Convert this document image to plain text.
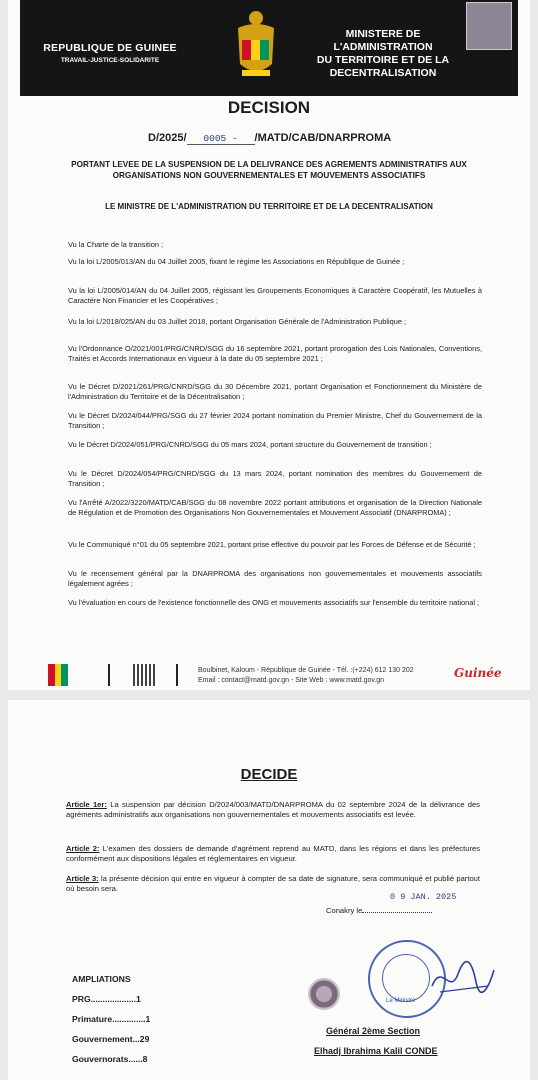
REPUBLIQUE DE GUINEE
TRAVAIL-JUSTICE-SOLIDARITE
MINISTERE DE L'ADMINISTRATION
DU TERRITOIRE ET DE LA
DECENTRALISATION
DECISION
D/2025/ 0005 - /MATD/CAB/DNARPROMA
PORTANT LEVEE DE LA SUSPENSION DE LA DELIVRANCE DES AGREMENTS ADMINISTRATIFS AUX ORGANISATIONS NON GOUVERNEMENTALES ET MOUVEMENTS ASSOCIATIFS
LE MINISTRE DE L'ADMINISTRATION DU TERRITOIRE ET DE LA DECENTRALISATION
Vu la Charte de la transition ;
Vu la loi L/2005/013/AN du 04 Juillet 2005, fixant le régime les Associations en République de Guinée ;
Vu la loi L/2005/014/AN du 04 Juillet 2005, régissant les Groupements Economiques à Caractère Coopératif, les Mutuelles à Caractère Non Financier et les Coopératives ;
Vu la loi L/2018/025/AN du 03 Juillet 2018, portant Organisation Générale de l'Administration Publique ;
Vu l'Ordonnance O/2021/001/PRG/CNRD/SGG du 16 septembre 2021, portant prorogation des Lois Nationales, Conventions, Traités et Accords Internationaux en vigueur à la date du 05 septembre 2021 ;
Vu le Décret D/2021/261/PRG/CNRD/SGG du 30 Décembre 2021, portant Organisation et Fonctionnement du Ministère de l'Administration du Territoire et de la Décentralisation ;
Vu le Décret D/2024/044/PRG/SGG du 27 février 2024 portant nomination du Premier Ministre, Chef du Gouvernement de la Transition ;
Vu le Décret D/2024/051/PRG/CNRD/SGG du 05 mars 2024, portant structure du Gouvernement de transition ;
Vu le Décret D/2024/054/PRG/CNRD/SGG du 13 mars 2024, portant nomination des membres du Gouvernement de Transition ;
Vu l'Arrêté A/2022/3220/MATD/CAB/SGG du 08 novembre 2022 portant attributions et organisation de la Direction Nationale de Régulation et de Promotion des Organisations Non Gouvernementales et Mouvement Associatif (DNARPROMA) ;
Vu le Communiqué n°01 du 05 septembre 2021, portant prise effective du pouvoir par les Forces de Défense et de Sécurité ;
Vu le recensement général par la DNARPROMA des organisations non gouvernementales et mouvements associatifs légalement agrées ;
Vu l'évaluation en cours de l'existence fonctionnelle des ONG et mouvements associatifs sur l'ensemble du territoire national ;
Boulbinet, Kaloum - République de Guinée - Tél. :(+224) 612 130 202
Email : contact@matd.gov.gn - Site Web : www.matd.gov.gn
Guinée
DECIDE
Article 1er: La suspension par décision D/2024/003/MATD/DNARPROMA du 02 septembre 2024 de la délivrance des agréments administratifs aux organisations non gouvernementales et mouvements associatifs est levée.
Article 2: L'examen des dossiers de demande d'agrément reprend au MATD, dans les régions et dans les préfectures conformément aux dispositions légales et réglementaires en vigueur.
Article 3: la présente décision qui entre en vigueur à compter de sa date de signature, sera communiqué et publié partout où besoin sera.
0 9 JAN. 2025
Conakry le
AMPLIATIONS
PRG...................1
Primature..............1
Gouvernement...29
Gouvernorats......8
Le Ministre
Général 2ème Section
Elhadj Ibrahima Kalil CONDE
